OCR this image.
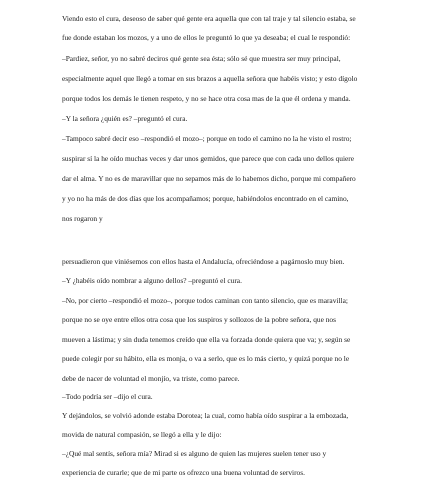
Viendo esto el cura, deseoso de saber qué gente era aquella que con tal traje y tal silencio estaba, se
fue donde estaban los mozos, y a uno de ellos le preguntó lo que ya deseaba; el cual le respondió:
–Pardiez, señor, yo no sabré deciros qué gente sea ésta; sólo sé que muestra ser muy principal,
especialmente aquel que llegó a tomar en sus brazos a aquella señora que habéis visto; y esto dígolo
porque todos los demás le tienen respeto, y no se hace otra cosa mas de la que él ordena y manda.
–Y la señora ¿quién es? –preguntó el cura.
–Tampoco sabré decir eso –respondió el mozo–; porque en todo el camino no la he visto el rostro;
suspirar sí la he oído muchas veces y dar unos gemidos, que parece que con cada uno dellos quiere
dar el alma. Y no es de maravillar que no sepamos más de lo habemos dicho, porque mi compañero
y yo no ha más de dos días que los acompañamos; porque, habiéndolos encontrado en el camino,
nos rogaron y
persuadieron que viniésemos con ellos hasta el Andalucía, ofreciéndose a pagárnoslo muy bien.
–Y ¿habéis oído nombrar a alguno dellos? –preguntó el cura.
–No, por cierto –respondió el mozo–, porque todos caminan con tanto silencio, que es maravilla;
porque no se oye entre ellos otra cosa que los suspiros y sollozos de la pobre señora, que nos
mueven a lástima; y sin duda tenemos creído que ella va forzada donde quiera que va; y, según se
puede colegir por su hábito, ella es monja, o va a serlo, que es lo más cierto, y quizá porque no le
debe de nacer de voluntad el monjío, va triste, como parece.
–Todo podría ser –dijo el cura.
Y dejándolos, se volvió adonde estaba Dorotea; la cual, como había oído suspirar a la embozada,
movida de natural compasión, se llegó a ella y le dijo:
–¿Qué mal sentís, señora mía? Mirad si es alguno de quien las mujeres suelen tener uso y
experiencia de curarle; que de mi parte os ofrezco una buena voluntad de serviros.
